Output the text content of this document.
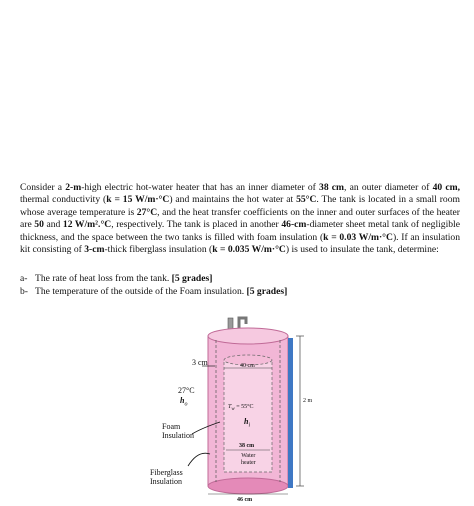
Consider a 2-m-high electric hot-water heater that has an inner diameter of 38 cm, an outer diameter of 40 cm, thermal conductivity (k = 15 W/m·°C) and maintains the hot water at 55°C. The tank is located in a small room whose average temperature is 27°C, and the heat transfer coefficients on the inner and outer surfaces of the heater are 50 and 12 W/m².°C, respectively. The tank is placed in another 46-cm-diameter sheet metal tank of negligible thickness, and the space between the two tanks is filled with foam insulation (k = 0.03 W/m·°C). If an insulation kit consisting of 3-cm-thick fiberglass insulation (k = 0.035 W/m·°C) is used to insulate the tank, determine:

a- The rate of heat loss from the tank. [5 grades]
b- The temperature of the outside of the Foam insulation. [5 grades]
3 cm
27°C
$h_o$
Foam
Insulation
Fiberglass
Insulation
40 cm
$T_w = 55^\circ C$
$h_i$
38 cm
Water
heater
2 m
46 cm
